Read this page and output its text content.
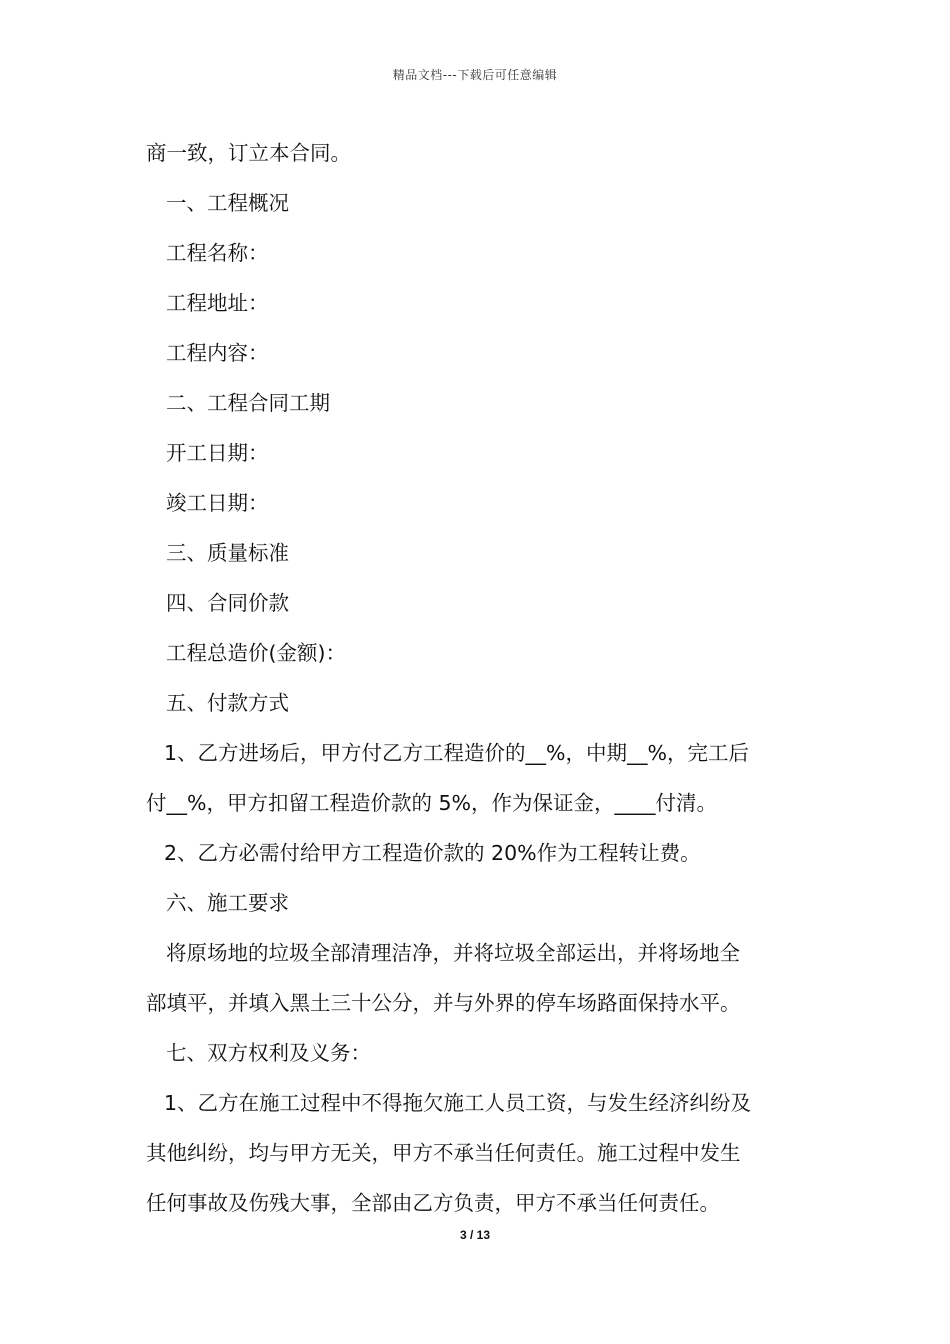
精品文档---下载后可任意编辑
商一致，订立本合同。
一、工程概况
工程名称：
工程地址：
工程内容：
二、工程合同工期
开工日期：
竣工日期：
三、质量标准
四、合同价款
工程总造价(金额)：
五、付款方式
1、乙方进场后，甲方付乙方工程造价的__%，中期__%，完工后
付__%，甲方扣留工程造价款的 5%，作为保证金，____付清。
2、乙方必需付给甲方工程造价款的 20%作为工程转让费。
六、施工要求
将原场地的垃圾全部清理洁净，并将垃圾全部运出，并将场地全
部填平，并填入黑土三十公分，并与外界的停车场路面保持水平。
七、双方权利及义务：
1、乙方在施工过程中不得拖欠施工人员工资，与发生经济纠纷及
其他纠纷，均与甲方无关，甲方不承当任何责任。施工过程中发生
任何事故及伤残大事，全部由乙方负责，甲方不承当任何责任。
3 / 13
